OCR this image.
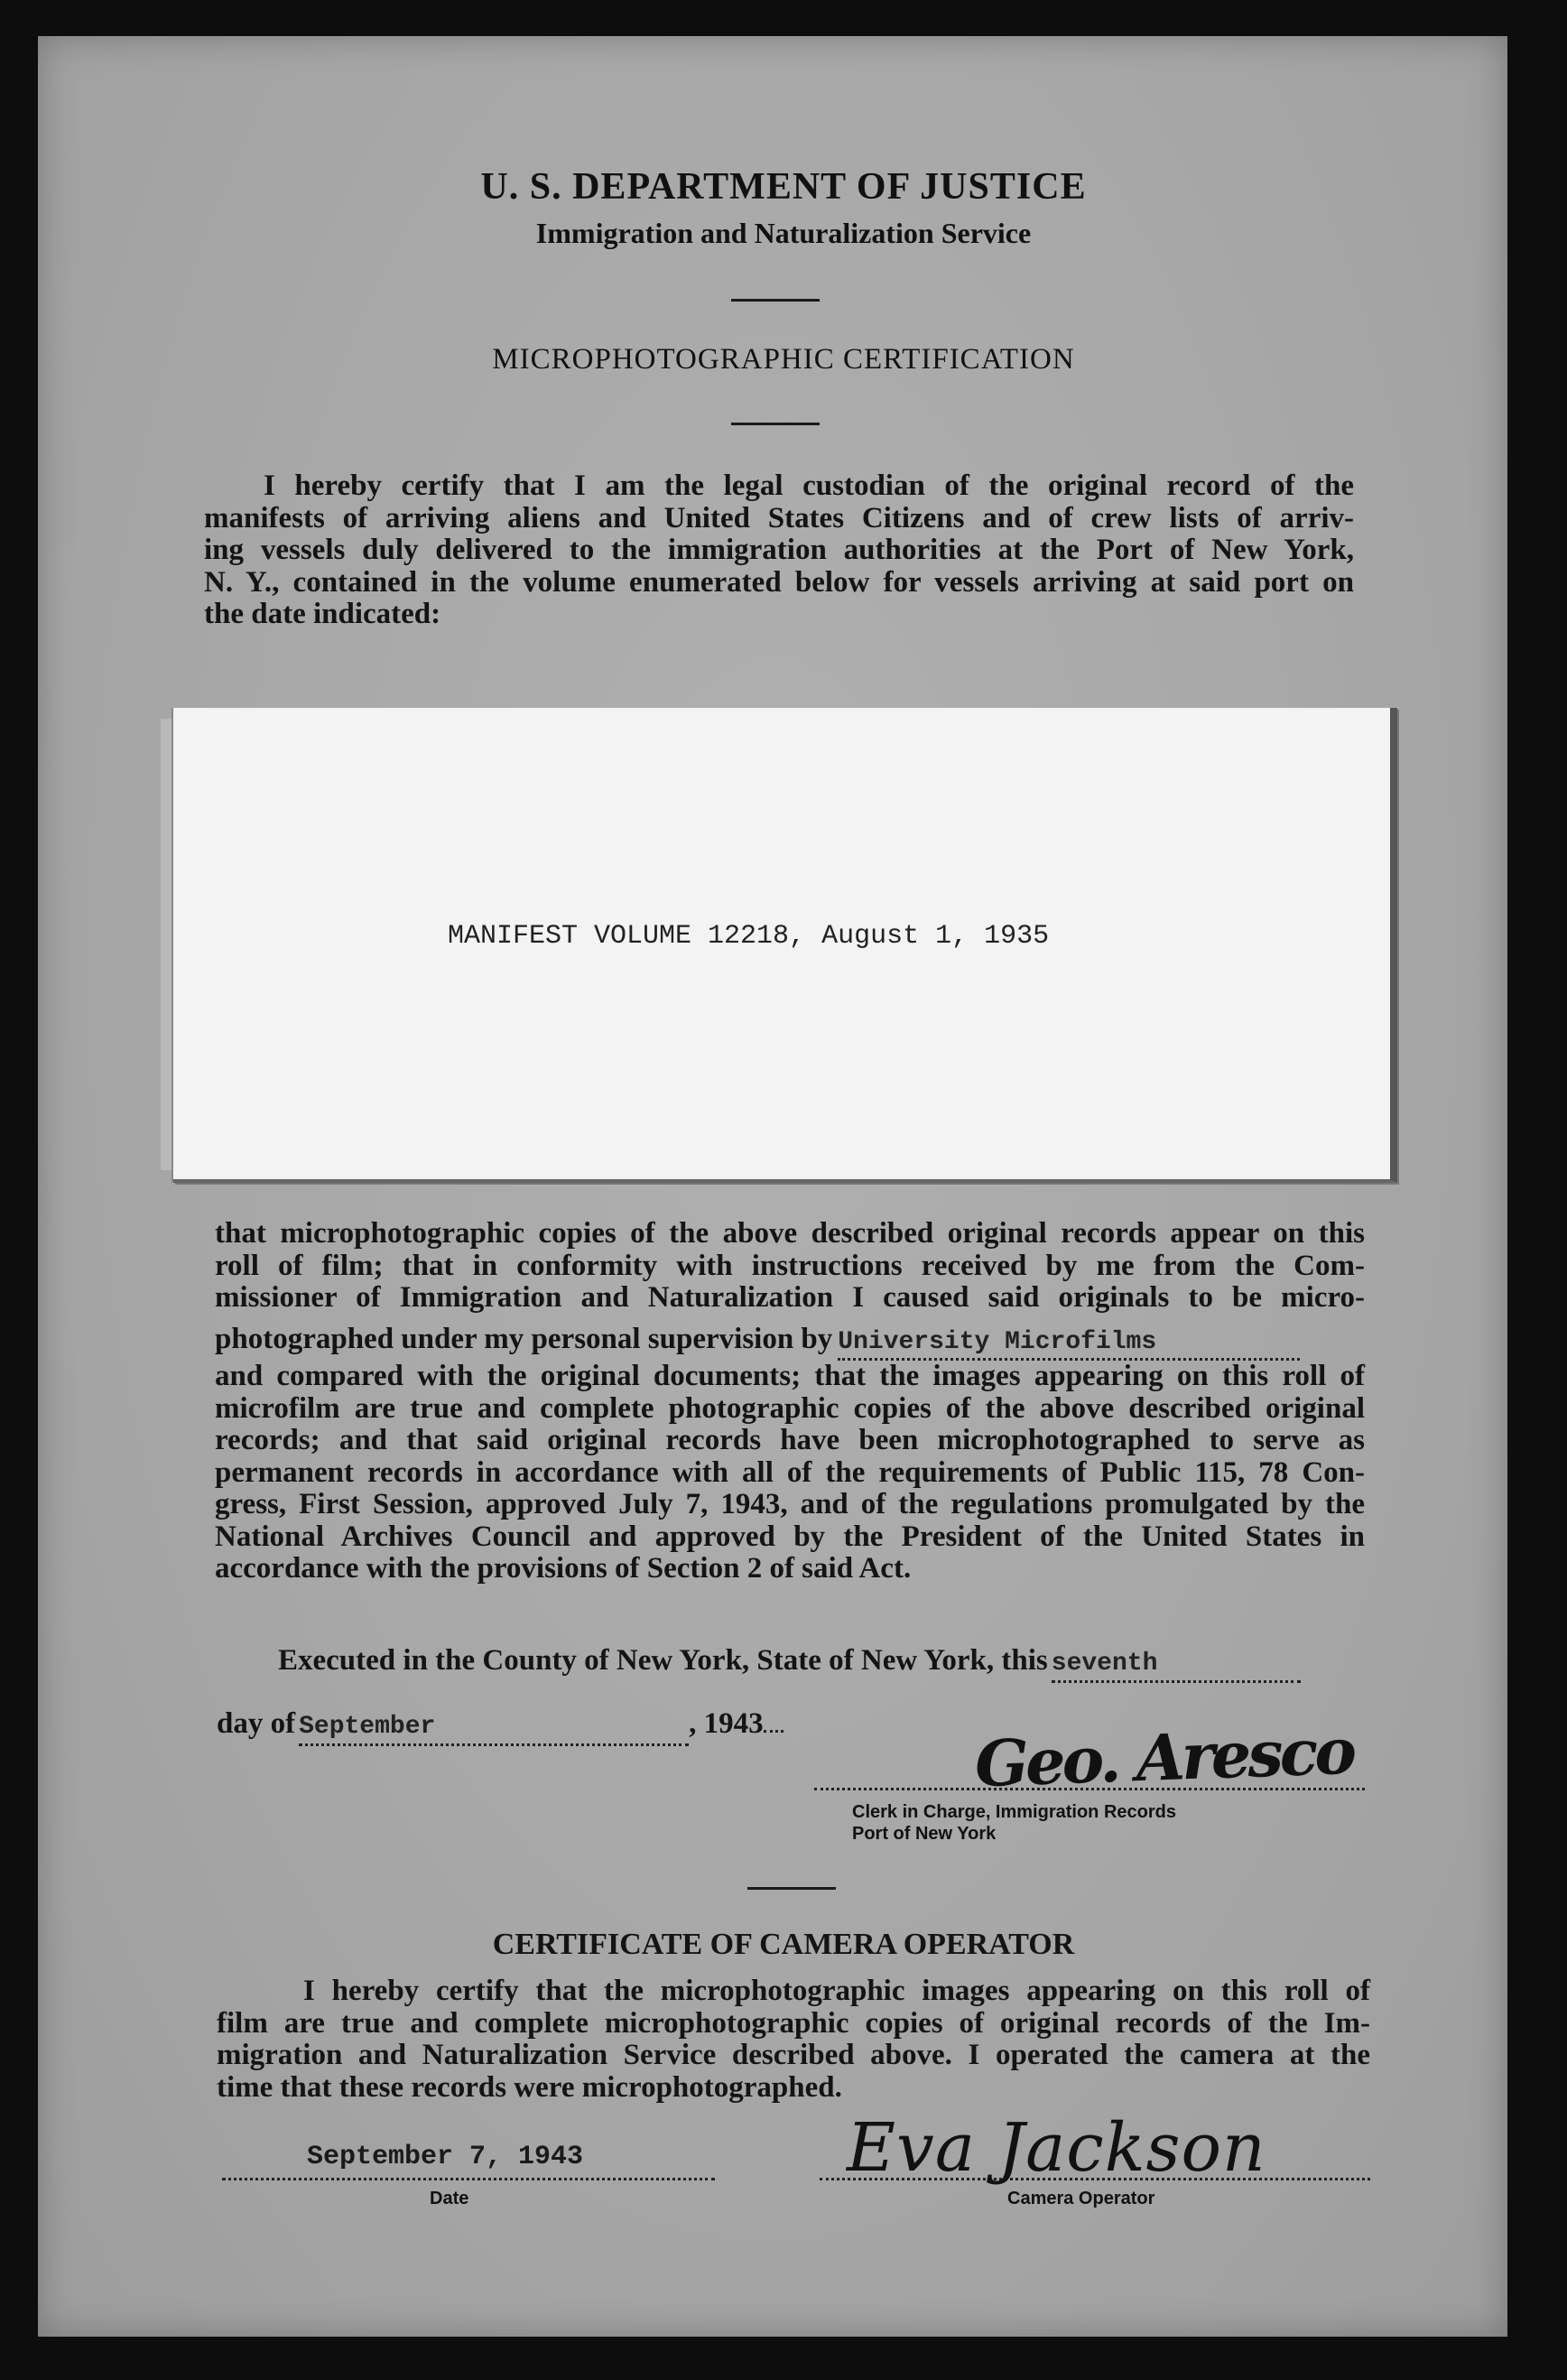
U. S. DEPARTMENT OF JUSTICE
Immigration and Naturalization Service
MICROPHOTOGRAPHIC CERTIFICATION
I hereby certify that I am the legal custodian of the original record of the
manifests of arriving aliens and United States Citizens and of crew lists of arriv-
ing vessels duly delivered to the immigration authorities at the Port of New York,
N. Y., contained in the volume enumerated below for vessels arriving at said port on
the date indicated:
MANIFEST VOLUME 12218, August 1, 1935
that microphotographic copies of the above described original records appear on this
roll of film; that in conformity with instructions received by me from the Com-
missioner of Immigration and Naturalization I caused said originals to be micro-
photographed under my personal supervision by University Microfilms
and compared with the original documents; that the images appearing on this roll of
microfilm are true and complete photographic copies of the above described original
records; and that said original records have been microphotographed to serve as
permanent records in accordance with all of the requirements of Public 115, 78 Con-
gress, First Session, approved July 7, 1943, and of the regulations promulgated by the
National Archives Council and approved by the President of the United States in
accordance with the provisions of Section 2 of said Act.
Executed in the County of New York, State of New York, this seventh
day of September	, 1943	Geo. Aresco
Clerk in Charge, Immigration Records
Port of New York
CERTIFICATE OF CAMERA OPERATOR
I hereby certify that the microphotographic images appearing on this roll of
film are true and complete microphotographic copies of original records of the Im-
migration and Naturalization Service described above. I operated the camera at the
time that these records were microphotographed.
September 7, 1943
Date
Eva Jackson
Camera Operator
